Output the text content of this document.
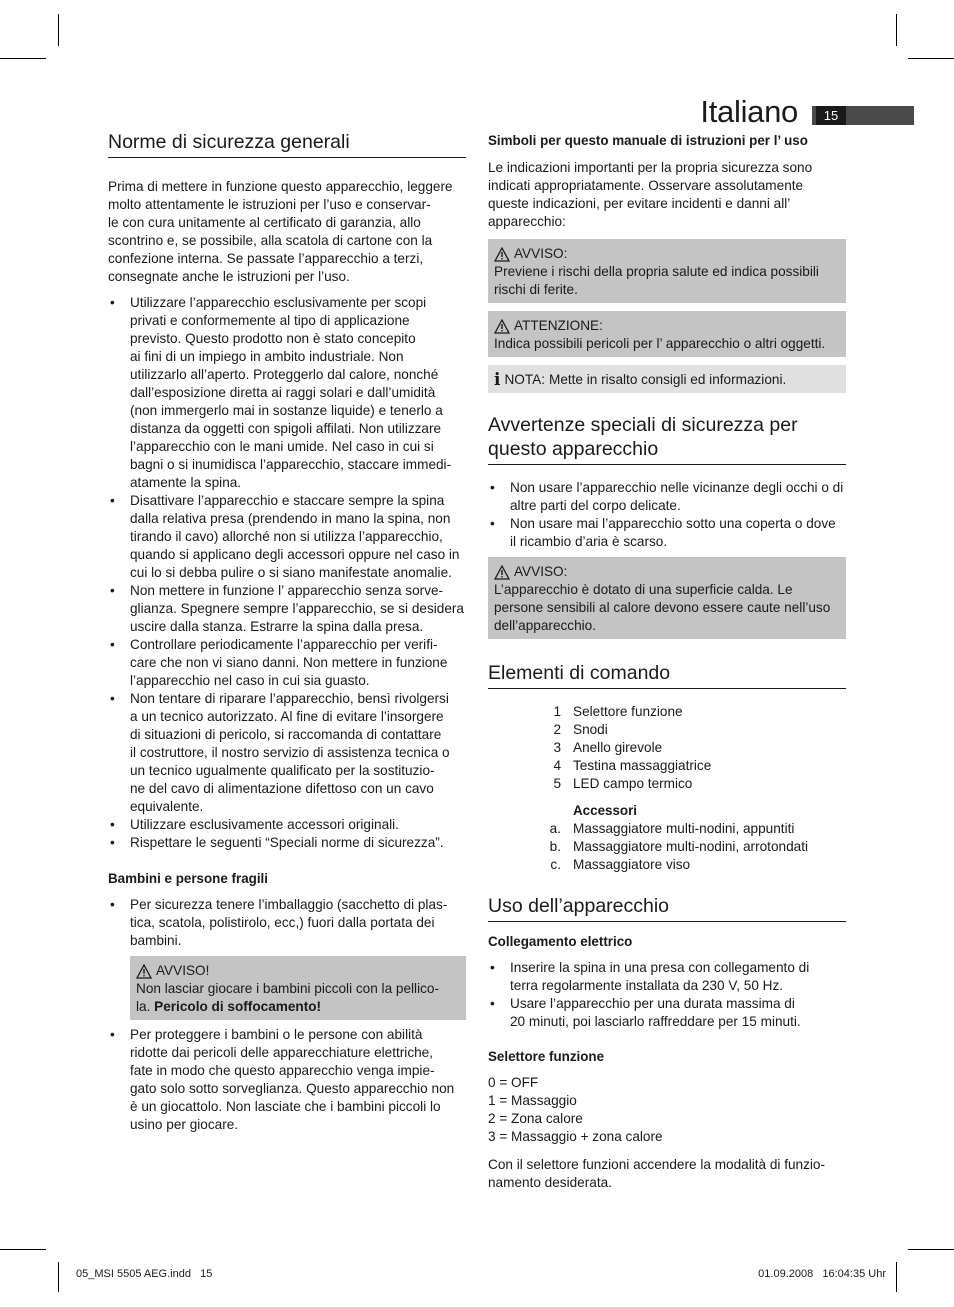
Italiano	15
Norme di sicurezza generali

Prima di mettere in funzione questo apparecchio, leggere
molto attentamente le istruzioni per l’uso e conservar-
le con cura unitamente al certificato di garanzia, allo
scontrino e, se possibile, alla scatola di cartone con la
confezione interna. Se passate l’apparecchio a terzi,
consegnate anche le istruzioni per l’uso.

• Utilizzare l’apparecchio esclusivamente per scopi
privati e conformemente al tipo di applicazione
previsto. Questo prodotto non è stato concepito
ai fini di un impiego in ambito industriale. Non
utilizzarlo all’aperto. Proteggerlo dal calore, nonché
dall’esposizione diretta ai raggi solari e dall’umidità
(non immergerlo mai in sostanze liquide) e tenerlo a
distanza da oggetti con spigoli affilati. Non utilizzare
l’apparecchio con le mani umide. Nel caso in cui si
bagni o si inumidisca l’apparecchio, staccare immedi-
atamente la spina.
• Disattivare l’apparecchio e staccare sempre la spina
dalla relativa presa (prendendo in mano la spina, non
tirando il cavo) allorché non si utilizza l’apparecchio,
quando si applicano degli accessori oppure nel caso in
cui lo si debba pulire o si siano manifestate anomalie.
• Non mettere in funzione l’ apparecchio senza sorve-
glianza. Spegnere sempre l’apparecchio, se si desidera
uscire dalla stanza. Estrarre la spina dalla presa.
• Controllare periodicamente l’apparecchio per verifi-
care che non vi siano danni. Non mettere in funzione
l’apparecchio nel caso in cui sia guasto.
• Non tentare di riparare l’apparecchio, bensì rivolgersi
a un tecnico autorizzato. Al fine di evitare l’insorgere
di situazioni di pericolo, si raccomanda di contattare
il costruttore, il nostro servizio di assistenza tecnica o
un tecnico ugualmente qualificato per la sostituzio-
ne del cavo di alimentazione difettoso con un cavo
equivalente.
• Utilizzare esclusivamente accessori originali.
• Rispettare le seguenti “Speciali norme di sicurezza”.

Bambini e persone fragili

• Per sicurezza tenere l’imballaggio (sacchetto di plas-
tica, scatola, polistirolo, ecc,) fuori dalla portata dei
bambini.
AVVISO!
Non lasciar giocare i bambini piccoli con la pellico-
la. Pericolo di soffocamento!
• Per proteggere i bambini o le persone con abilità
ridotte dai pericoli delle apparecchiature elettriche,
fate in modo che questo apparecchio venga impie-
gato solo sotto sorveglianza. Questo apparecchio non
è un giocattolo. Non lasciate che i bambini piccoli lo
usino per giocare.

Simboli per questo manuale di istruzioni per l’ uso

Le indicazioni importanti per la propria sicurezza sono
indicati appropriatamente. Osservare assolutamente
queste indicazioni, per evitare incidenti e danni all’
apparecchio:

AVVISO:
Previene i rischi della propria salute ed indica possibili
rischi di ferite.
ATTENZIONE:
Indica possibili pericoli per l’ apparecchio o altri oggetti.
i NOTA: Mette in risalto consigli ed informazioni.
Avvertenze speciali di sicurezza per
questo apparecchio
• Non usare l’apparecchio nelle vicinanze degli occhi o di
altre parti del corpo delicate.
• Non usare mai l’apparecchio sotto una coperta o dove
il ricambio d’aria è scarso.
AVVISO:
L’apparecchio è dotato di una superficie calda. Le
persone sensibili al calore devono essere caute nell’uso
dell’apparecchio.
Elementi di comando
1 Selettore funzione
2 Snodi
3 Anello girevole
4 Testina massaggiatrice
5 LED campo termico
Accessori
a. Massaggiatore multi-nodini, appuntiti
b. Massaggiatore multi-nodini, arrotondati
c. Massaggiatore viso
Uso dell’apparecchio

Collegamento elettrico

• Inserire la spina in una presa con collegamento di
terra regolarmente installata da 230 V, 50 Hz.
• Usare l’apparecchio per una durata massima di
20 minuti, poi lasciarlo raffreddare per 15 minuti.

Selettore funzione

0 = OFF
1 = Massaggio
2 = Zona calore
3 = Massaggio + zona calore

Con il selettore funzioni accendere la modalità di funzio-
namento desiderata.

05_MSI 5505 AEG.indd   15	01.09.2008   16:04:35 Uhr
